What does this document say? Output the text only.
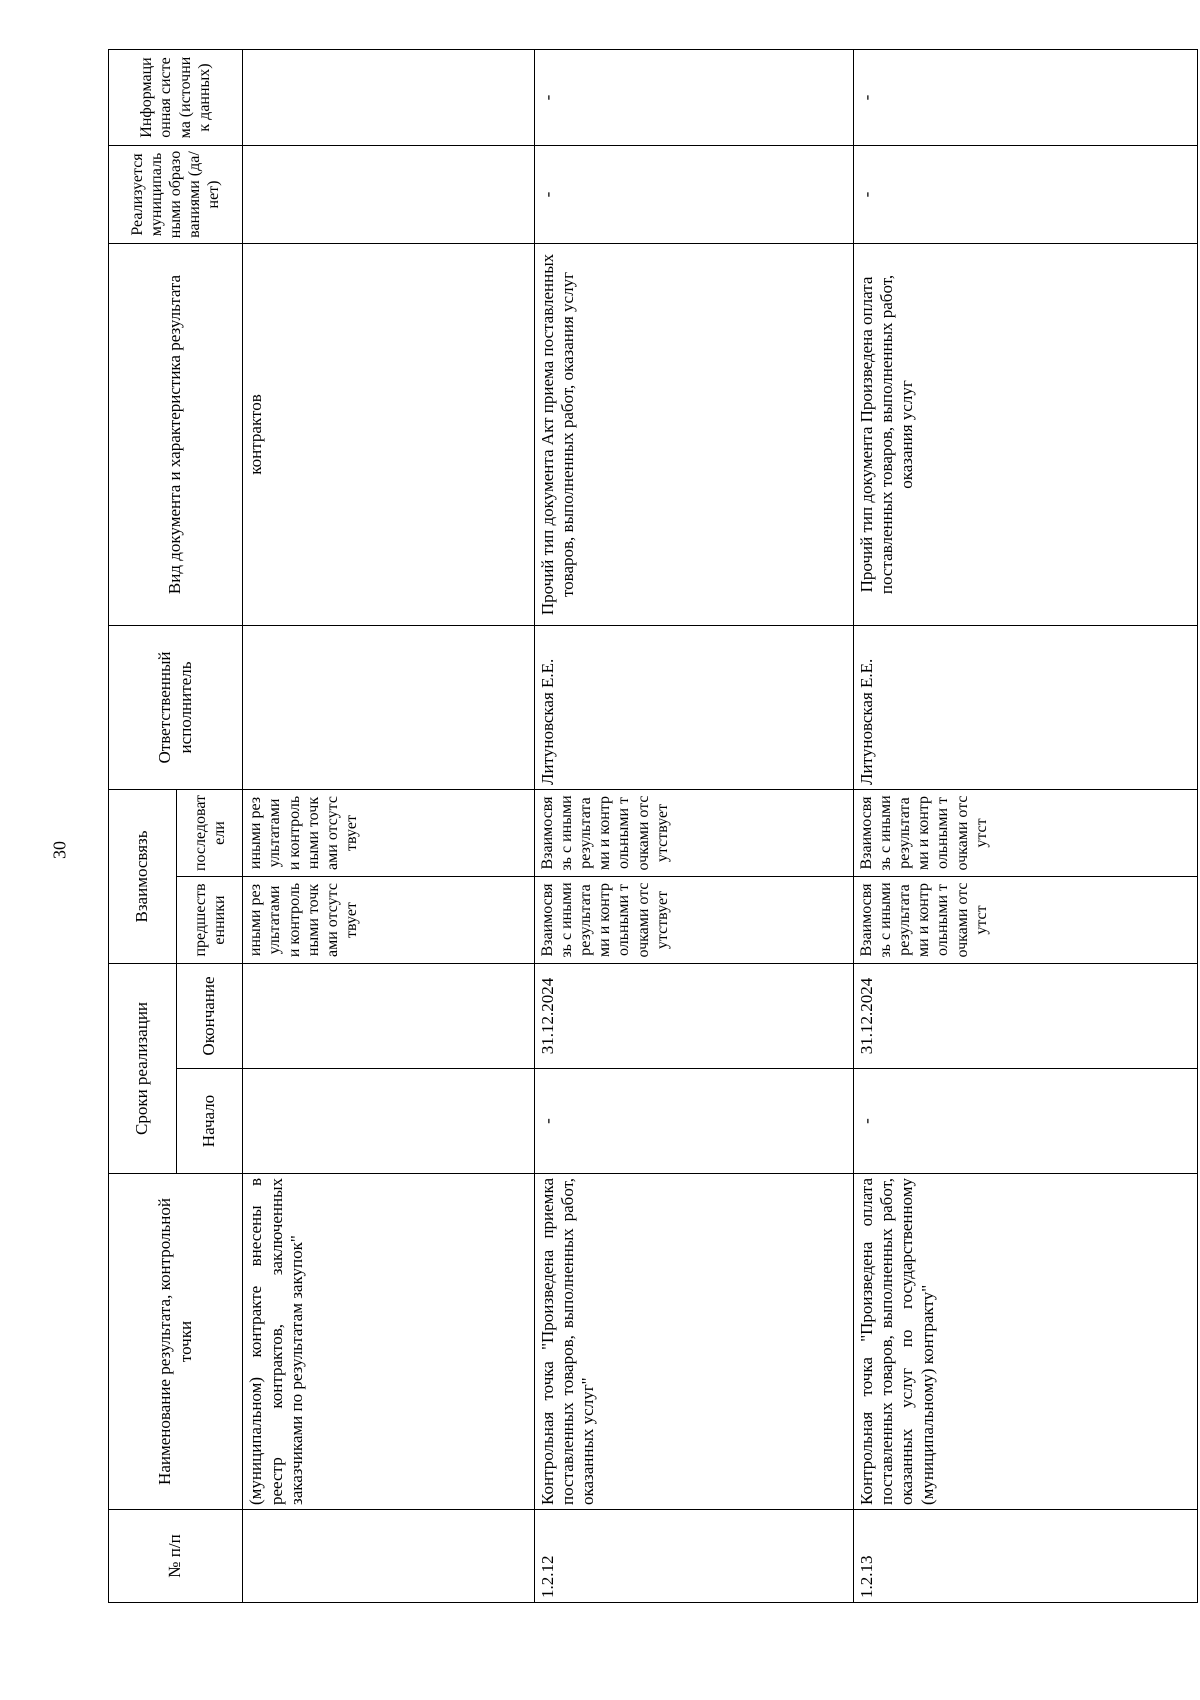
30
№ п/п	Наименование результата, контрольной точки	Сроки реализации		Взаимосвязь		Ответственный исполнитель	Вид документа и характеристика результата	Реализуется муниципальными образованиями (да/нет)	Информационная система (источник данных)
		Начало	Окончание	предшественники	последователи				
	(муниципальном) контракте внесены в реестр контрактов, заключенных заказчиками по результатам закупок"			иными результатами и контрольными точками отсутствует	иными результатами и контрольными точками отсутствует		контрактов		
1.2.12	Контрольная точка "Произведена приемка поставленных товаров, выполненных работ, оказанных услуг"	-	31.12.2024	Взаимосвязь с иными результатами и контрольными точками отсутствует	Взаимосвязь с иными результатами и контрольными точками отсутствует	Литуновская Е.Е.	Прочий тип документа Акт приема поставленных товаров, выполненных работ, оказания услуг	-	-
1.2.13	Контрольная точка "Произведена оплата поставленных товаров, выполненных работ, оказанных услуг по государственному (муниципальному) контракту"	-	31.12.2024	Взаимосвязь с иными результатами и контрольными точками отсутст	Взаимосвязь с иными результатами и контрольными точками отсутст	Литуновская Е.Е.	Прочий тип документа Произведена оплата поставленных товаров, выполненных работ, оказания услуг	-	-
